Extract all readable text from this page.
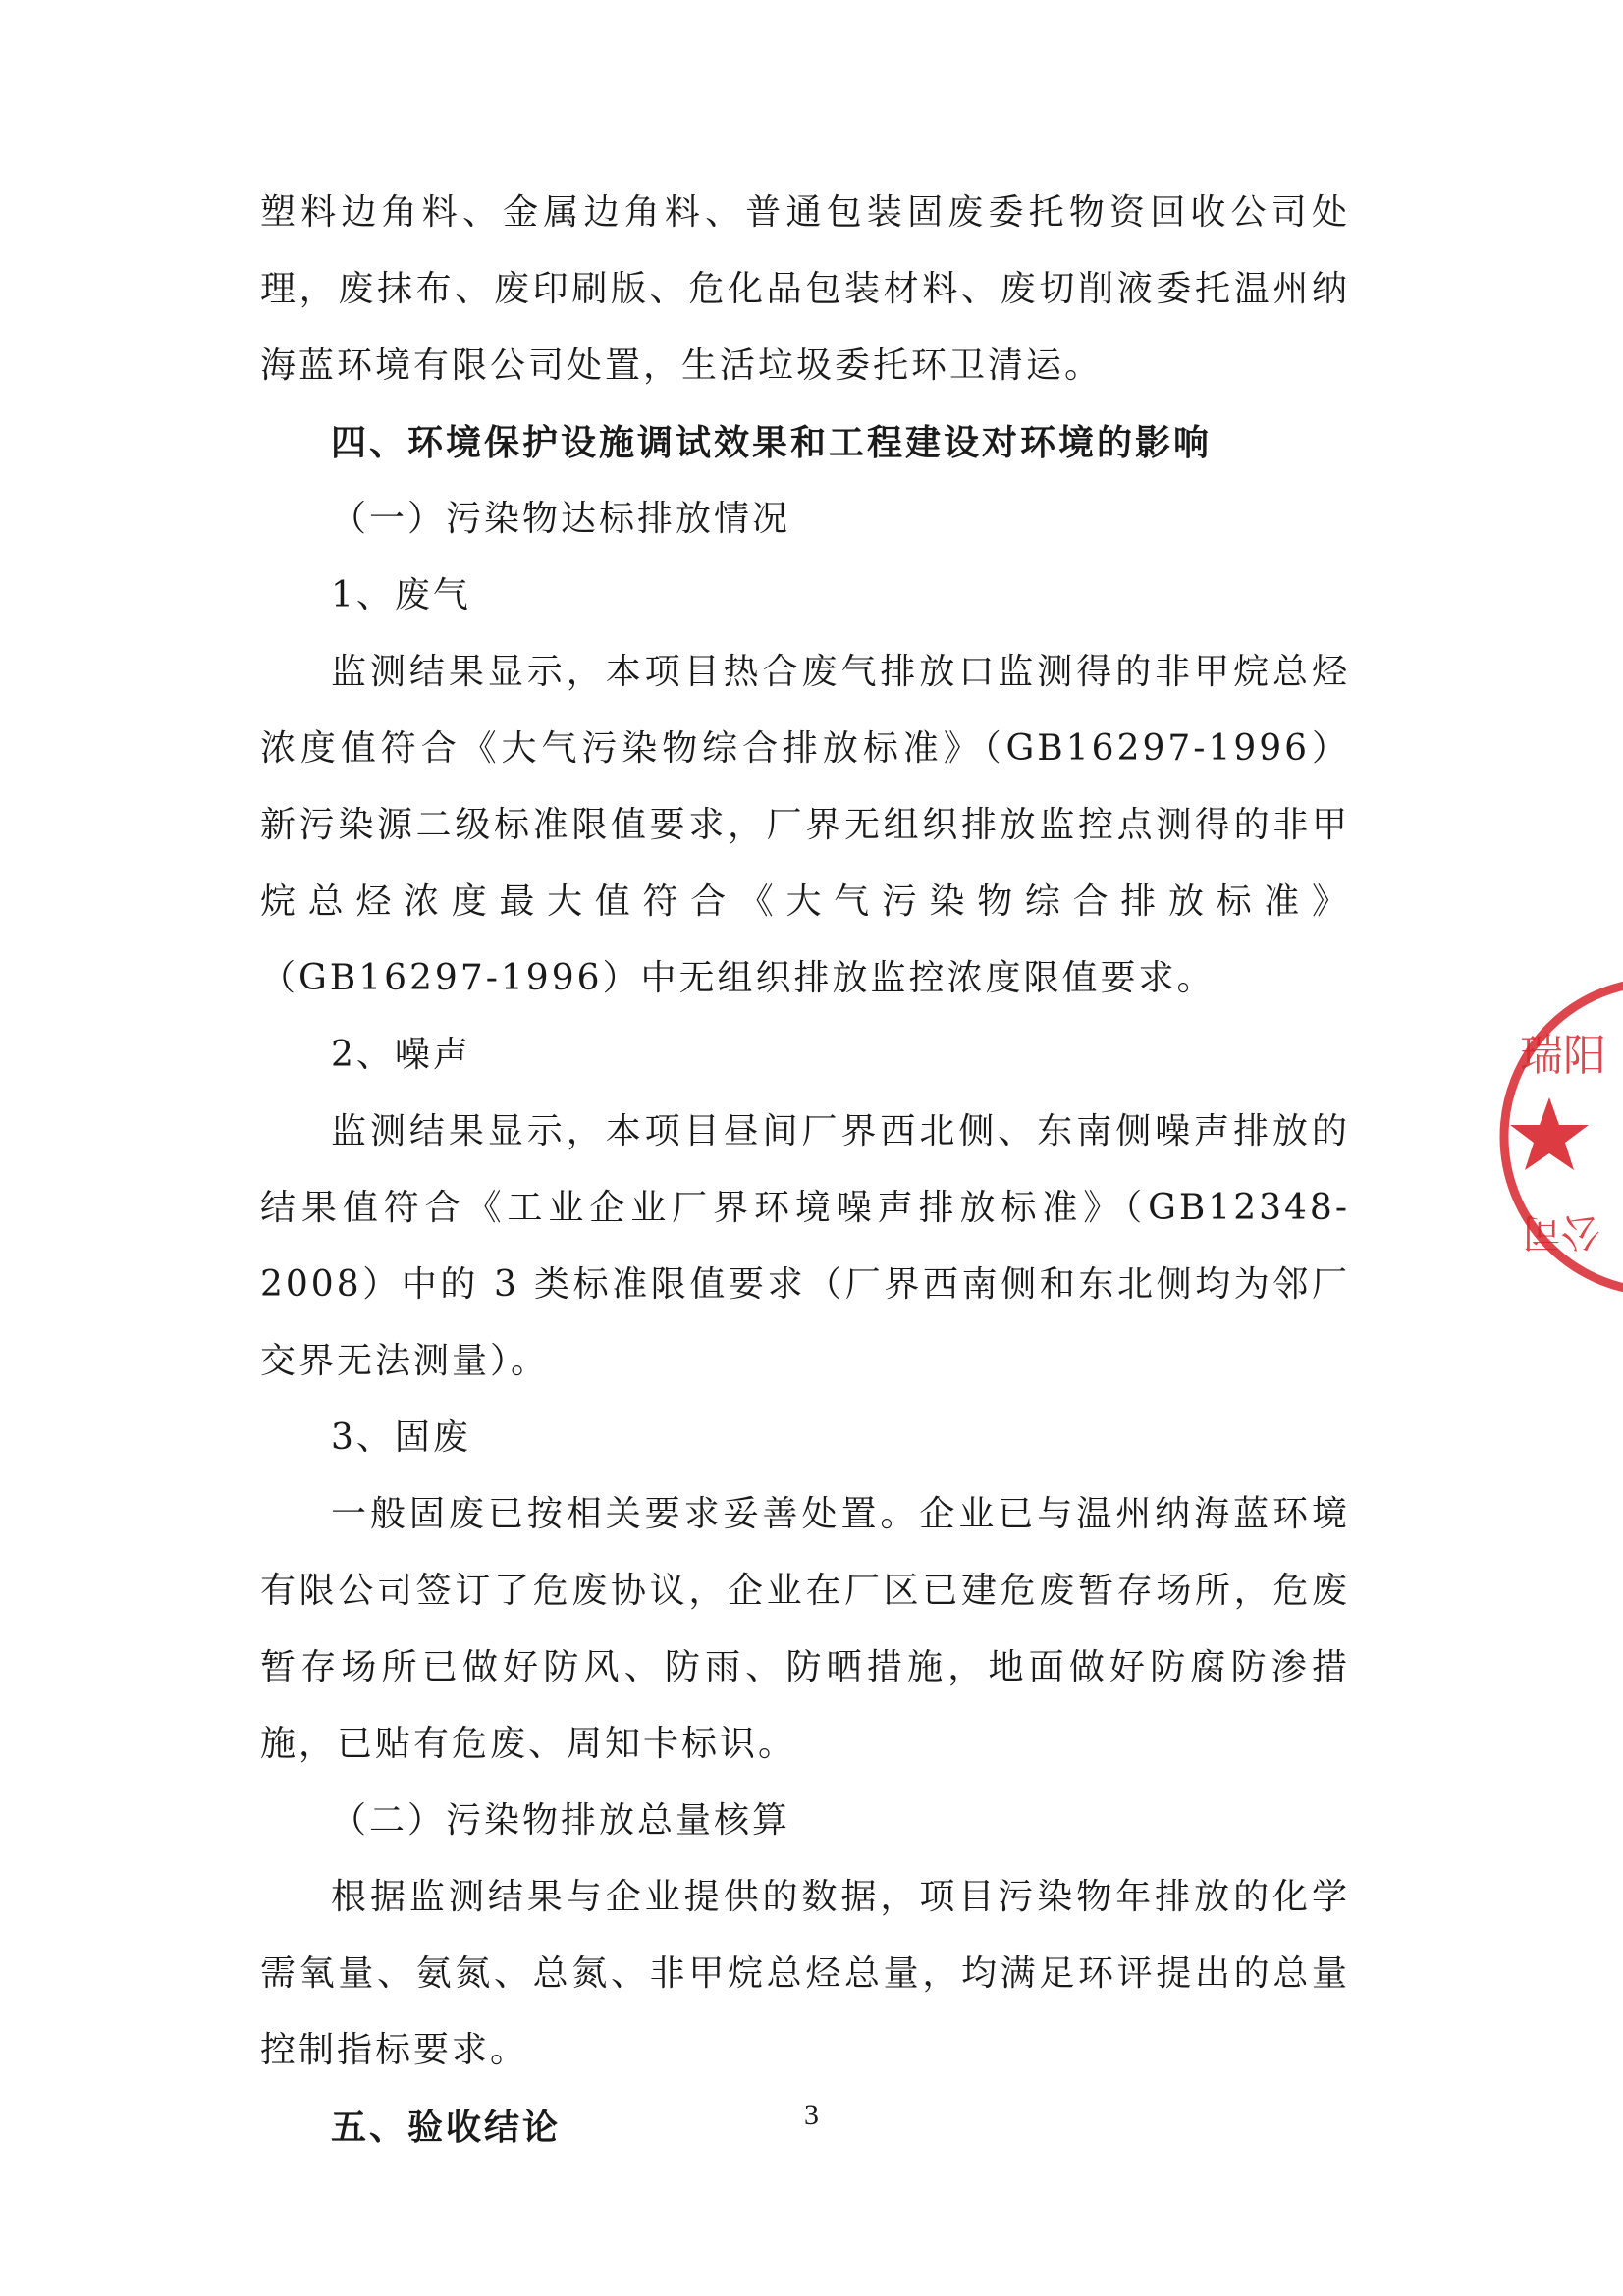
塑料边角料、金属边角料、普通包装固废委托物资回收公司处理，废抹布、废印刷版、危化品包装材料、废切削液委托温州纳海蓝环境有限公司处置，生活垃圾委托环卫清运。

四、环境保护设施调试效果和工程建设对环境的影响

（一）污染物达标排放情况

1、废气

监测结果显示，本项目热合废气排放口监测得的非甲烷总烃浓度值符合《大气污染物综合排放标准》（GB16297-1996）新污染源二级标准限值要求，厂界无组织排放监控点测得的非甲烷总烃浓度最大值符合《大气污染物综合排放标准》（GB16297-1996）中无组织排放监控浓度限值要求。

2、噪声

监测结果显示，本项目昼间厂界西北侧、东南侧噪声排放的结果值符合《工业企业厂界环境噪声排放标准》（GB12348-2008）中的 3 类标准限值要求（厂界西南侧和东北侧均为邻厂交界无法测量）。

3、固废

一般固废已按相关要求妥善处置。企业已与温州纳海蓝环境有限公司签订了危废协议，企业在厂区已建危废暂存场所，危废暂存场所已做好防风、防雨、防晒措施，地面做好防腐防渗措施，已贴有危废、周知卡标识。

（二）污染物排放总量核算

根据监测结果与企业提供的数据，项目污染物年排放的化学需氧量、氨氮、总氮、非甲烷总烃总量，均满足环评提出的总量控制指标要求。

五、验收结论

瑞阳
公司
3
